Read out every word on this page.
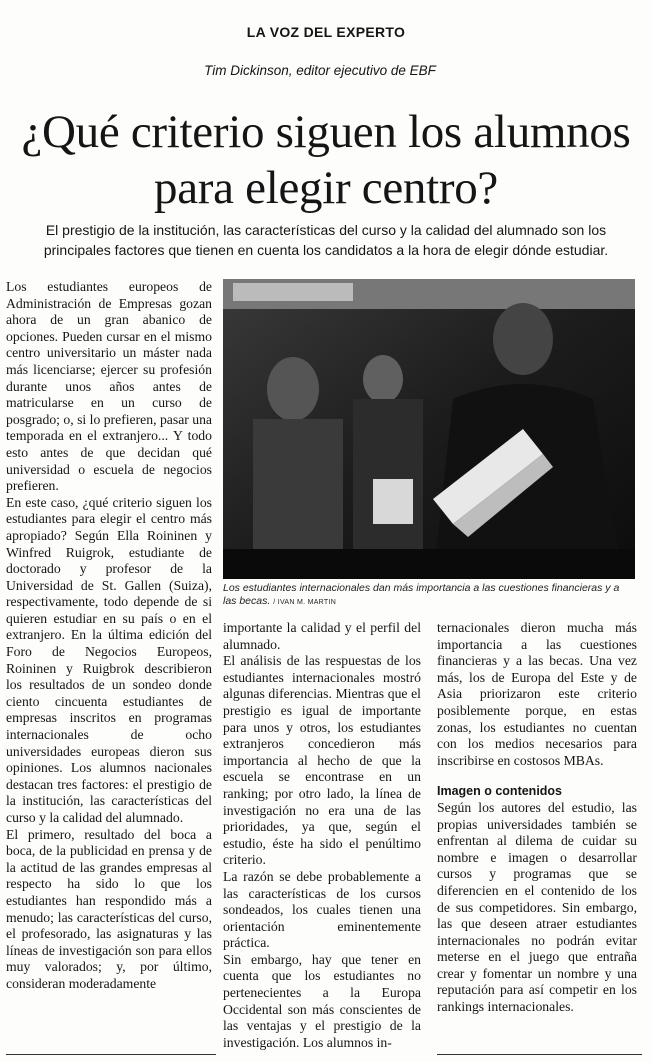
LA VOZ DEL EXPERTO
Tim Dickinson, editor ejecutivo de EBF
¿Qué criterio siguen los alumnos para elegir centro?
El prestigio de la institución, las características del curso y la calidad del alumnado son los principales factores que tienen en cuenta los candidatos a la hora de elegir dónde estudiar.

Los estudiantes europeos de Administración de Empresas gozan ahora de un gran abanico de opciones. Pueden cursar en el mismo centro universitario un máster nada más licenciarse; ejercer su profesión durante unos años antes de matricularse en un curso de posgrado; o, si lo prefieren, pasar una temporada en el extranjero... Y todo esto antes de que decidan qué universidad o escuela de negocios prefieren.

En este caso, ¿qué criterio siguen los estudiantes para elegir el centro más apropiado? Según Ella Roininen y Winfred Ruigrok, estudiante de doctorado y profesor de la Universidad de St. Gallen (Suiza), respectivamente, todo depende de si quieren estudiar en su país o en el extranjero. En la última edición del Foro de Negocios Europeos, Roininen y Ruigbrok describieron los resultados de un sondeo donde ciento cincuenta estudiantes de empresas inscritos en programas internacionales de ocho universidades europeas dieron sus opiniones. Los alumnos nacionales destacan tres factores: el prestigio de la institución, las características del curso y la calidad del alumnado.

El primero, resultado del boca a boca, de la publicidad en prensa y de la actitud de las grandes empresas al respecto ha sido lo que los estudiantes han respondido más a menudo; las características del curso, el profesorado, las asignaturas y las líneas de investigación son para ellos muy valorados; y, por último, consideran moderadamente

Los estudiantes internacionales dan más importancia a las cuestiones financieras y a las becas. / IVAN M. MARTIN

importante la calidad y el perfil del alumnado.

El análisis de las respuestas de los estudiantes internacionales mostró algunas diferencias. Mientras que el prestigio es igual de importante para unos y otros, los estudiantes extranjeros concedieron más importancia al hecho de que la escuela se encontrase en un ranking; por otro lado, la línea de investigación no era una de las prioridades, ya que, según el estudio, éste ha sido el penúltimo criterio.

La razón se debe probablemente a las características de los cursos sondeados, los cuales tienen una orientación eminentemente práctica.

Sin embargo, hay que tener en cuenta que los estudiantes no pertenecientes a la Europa Occidental son más conscientes de las ventajas y el prestigio de la investigación. Los alumnos in-

ternacionales dieron mucha más importancia a las cuestiones financieras y a las becas. Una vez más, los de Europa del Este y de Asia priorizaron este criterio posiblemente porque, en estas zonas, los estudiantes no cuentan con los medios necesarios para inscribirse en costosos MBAs.

Imagen o contenidos

Según los autores del estudio, las propias universidades también se enfrentan al dilema de cuidar su nombre e imagen o desarrollar cursos y programas que se diferencien en el contenido de los de sus competidores. Sin embargo, las que deseen atraer estudiantes internacionales no podrán evitar meterse en el juego que entraña crear y fomentar un nombre y una reputación para así competir en los rankings internacionales.
